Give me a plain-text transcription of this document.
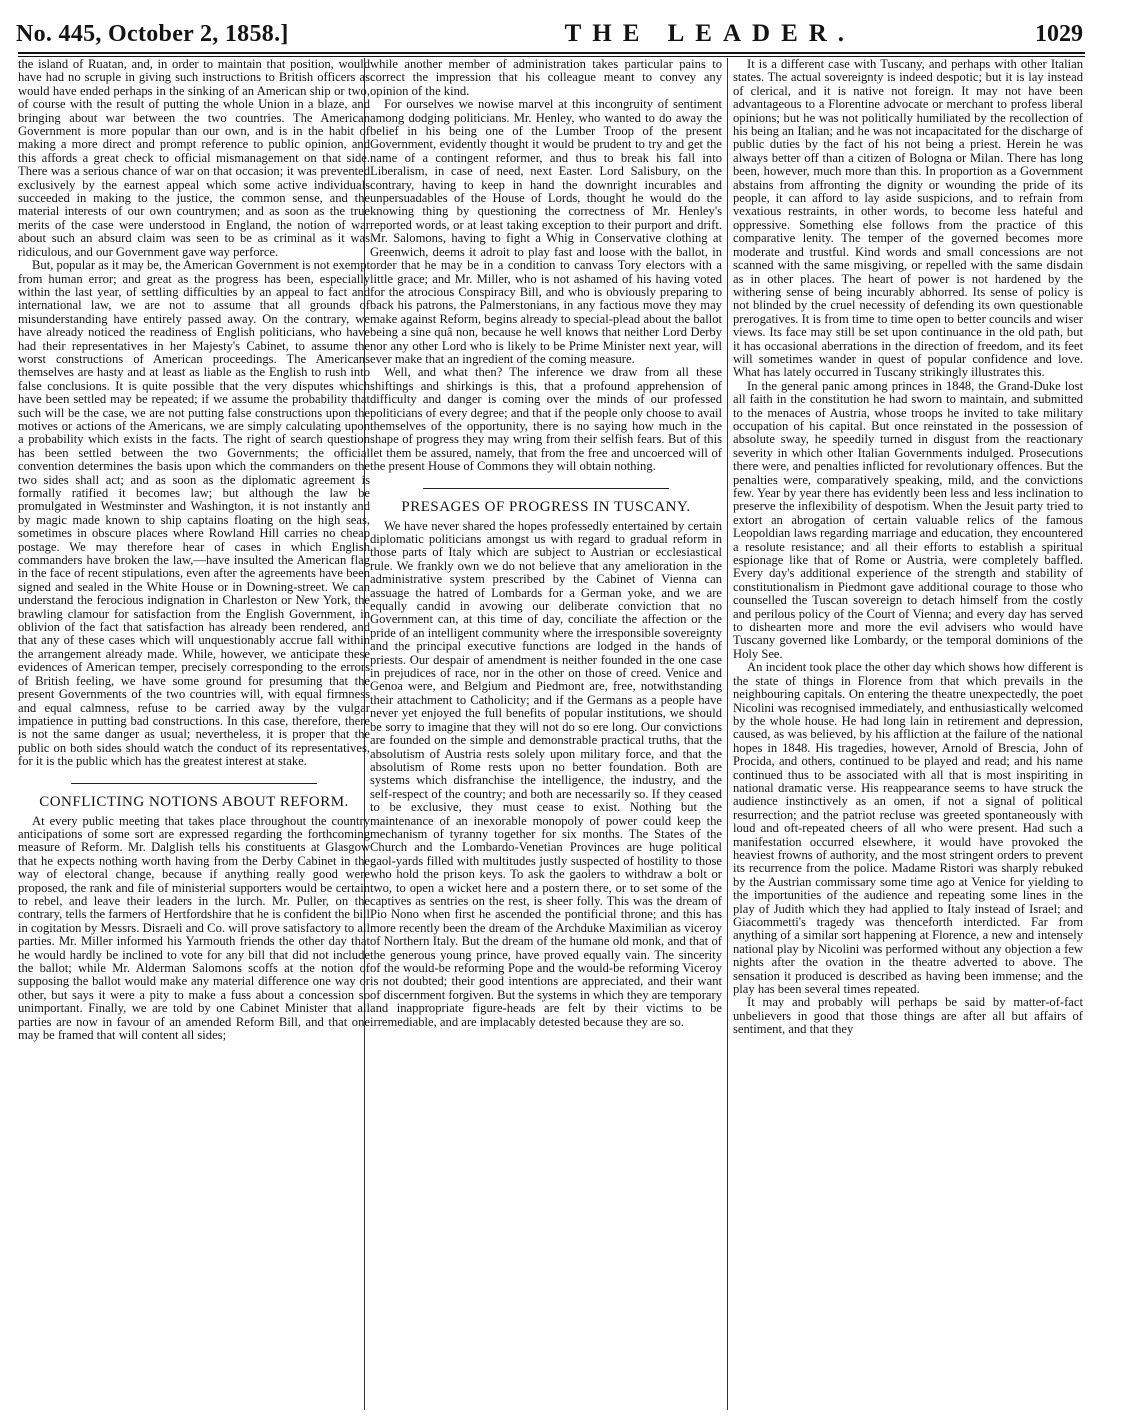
No. 445, October 2, 1858.]	THE LEADER.	1029

the island of Ruatan, and, in order to maintain that position, would have had no scruple in giving such instructions to British officers as would have ended perhaps in the sinking of an American ship or two, of course with the result of putting the whole Union in a blaze, and bringing about war between the two countries. The American Government is more popular than our own, and is in the habit of making a more direct and prompt reference to public opinion, and this affords a great check to official mismanagement on that side. There was a serious chance of war on that occasion; it was prevented exclusively by the earnest appeal which some active individuals succeeded in making to the justice, the common sense, and the material interests of our own countrymen; and as soon as the true merits of the case were understood in England, the notion of war about such an absurd claim was seen to be as criminal as it was ridiculous, and our Government gave way perforce.

But, popular as it may be, the American Government is not exempt from human error; and great as the progress has been, especially within the last year, of settling difficulties by an appeal to fact and international law, we are not to assume that all grounds of misunderstanding have entirely passed away. On the contrary, we have already noticed the readiness of English politicians, who have had their representatives in her Majesty's Cabinet, to assume the worst constructions of American proceedings. The Americans themselves are hasty and at least as liable as the English to rush into false conclusions. It is quite possible that the very disputes which have been settled may be repeated; if we assume the probability that such will be the case, we are not putting false constructions upon the motives or actions of the Americans, we are simply calculating upon a probability which exists in the facts. The right of search question has been settled between the two Governments; the official convention determines the basis upon which the commanders on the two sides shall act; and as soon as the diplomatic agreement is formally ratified it becomes law; but although the law be promulgated in Westminster and Washington, it is not instantly and by magic made known to ship captains floating on the high seas, sometimes in obscure places where Rowland Hill carries no cheap postage. We may therefore hear of cases in which English commanders have broken the law,—have insulted the American flag in the face of recent stipulations, even after the agreements have been signed and sealed in the White House or in Downing-street. We can understand the ferocious indignation in Charleston or New York, the brawling clamour for satisfaction from the English Government, in oblivion of the fact that satisfaction has already been rendered, and that any of these cases which will unquestionably accrue fall within the arrangement already made. While, however, we anticipate these evidences of American temper, precisely corresponding to the errors of British feeling, we have some ground for presuming that the present Governments of the two countries will, with equal firmness and equal calmness, refuse to be carried away by the vulgar impatience in putting bad constructions. In this case, therefore, there is not the same danger as usual; nevertheless, it is proper that the public on both sides should watch the conduct of its representatives, for it is the public which has the greatest interest at stake.

CONFLICTING NOTIONS ABOUT REFORM.

At every public meeting that takes place throughout the country anticipations of some sort are expressed regarding the forthcoming measure of Reform. Mr. Dalglish tells his constituents at Glasgow that he expects nothing worth having from the Derby Cabinet in the way of electoral change, because if anything really good were proposed, the rank and file of ministerial supporters would be certain to rebel, and leave their leaders in the lurch. Mr. Puller, on the contrary, tells the farmers of Hertfordshire that he is confident the bill in cogitation by Messrs. Disraeli and Co. will prove satisfactory to all parties. Mr. Miller informed his Yarmouth friends the other day that he would hardly be inclined to vote for any bill that did not include the ballot; while Mr. Alderman Salomons scoffs at the notion of supposing the ballot would make any material difference one way or other, but says it were a pity to make a fuss about a concession so unimportant. Finally, we are told by one Cabinet Minister that all parties are now in favour of an amended Reform Bill, and that one may be framed that will content all sides;

while another member of administration takes particular pains to correct the impression that his colleague meant to convey any opinion of the kind.

For ourselves we nowise marvel at this incongruity of sentiment among dodging politicians. Mr. Henley, who wanted to do away the belief in his being one of the Lumber Troop of the present Government, evidently thought it would be prudent to try and get the name of a contingent reformer, and thus to break his fall into Liberalism, in case of need, next Easter. Lord Salisbury, on the contrary, having to keep in hand the downright incurables and unpersuadables of the House of Lords, thought he would do the knowing thing by questioning the correctness of Mr. Henley's reported words, or at least taking exception to their purport and drift. Mr. Salomons, having to fight a Whig in Conservative clothing at Greenwich, deems it adroit to play fast and loose with the ballot, in order that he may be in a condition to canvass Tory electors with a little grace; and Mr. Miller, who is not ashamed of his having voted for the atrocious Conspiracy Bill, and who is obviously preparing to back his patrons, the Palmerstonians, in any factious move they may make against Reform, begins already to special-plead about the ballot being a sine quâ non, because he well knows that neither Lord Derby nor any other Lord who is likely to be Prime Minister next year, will ever make that an ingredient of the coming measure.

Well, and what then? The inference we draw from all these shiftings and shirkings is this, that a profound apprehension of difficulty and danger is coming over the minds of our professed politicians of every degree; and that if the people only choose to avail themselves of the opportunity, there is no saying how much in the shape of progress they may wring from their selfish fears. But of this let them be assured, namely, that from the free and uncoerced will of the present House of Commons they will obtain nothing.

PRESAGES OF PROGRESS IN TUSCANY.

We have never shared the hopes professedly entertained by certain diplomatic politicians amongst us with regard to gradual reform in those parts of Italy which are subject to Austrian or ecclesiastical rule. We frankly own we do not believe that any amelioration in the administrative system prescribed by the Cabinet of Vienna can assuage the hatred of Lombards for a German yoke, and we are equally candid in avowing our deliberate conviction that no Government can, at this time of day, conciliate the affection or the pride of an intelligent community where the irresponsible sovereignty and the principal executive functions are lodged in the hands of priests. Our despair of amendment is neither founded in the one case in prejudices of race, nor in the other on those of creed. Venice and Genoa were, and Belgium and Piedmont are, free, notwithstanding their attachment to Catholicity; and if the Germans as a people have never yet enjoyed the full benefits of popular institutions, we should be sorry to imagine that they will not do so ere long. Our convictions are founded on the simple and demonstrable practical truths, that the absolutism of Austria rests solely upon military force, and that the absolutism of Rome rests upon no better foundation. Both are systems which disfranchise the intelligence, the industry, and the self-respect of the country; and both are necessarily so. If they ceased to be exclusive, they must cease to exist. Nothing but the maintenance of an inexorable monopoly of power could keep the mechanism of tyranny together for six months. The States of the Church and the Lombardo-Venetian Provinces are huge political gaol-yards filled with multitudes justly suspected of hostility to those who hold the prison keys. To ask the gaolers to withdraw a bolt or two, to open a wicket here and a postern there, or to set some of the captives as sentries on the rest, is sheer folly. This was the dream of Pio Nono when first he ascended the pontificial throne; and this has more recently been the dream of the Archduke Maximilian as viceroy of Northern Italy. But the dream of the humane old monk, and that of the generous young prince, have proved equally vain. The sincerity of the would-be reforming Pope and the would-be reforming Viceroy is not doubted; their good intentions are appreciated, and their want of discernment forgiven. But the systems in which they are temporary and inappropriate figure-heads are felt by their victims to be irremediable, and are implacably detested because they are so.

It is a different case with Tuscany, and perhaps with other Italian states. The actual sovereignty is indeed despotic; but it is lay instead of clerical, and it is native not foreign. It may not have been advantageous to a Florentine advocate or merchant to profess liberal opinions; but he was not politically humiliated by the recollection of his being an Italian; and he was not incapacitated for the discharge of public duties by the fact of his not being a priest. Herein he was always better off than a citizen of Bologna or Milan. There has long been, however, much more than this. In proportion as a Government abstains from affronting the dignity or wounding the pride of its people, it can afford to lay aside suspicions, and to refrain from vexatious restraints, in other words, to become less hateful and oppressive. Something else follows from the practice of this comparative lenity. The temper of the governed becomes more moderate and trustful. Kind words and small concessions are not scanned with the same misgiving, or repelled with the same disdain as in other places. The heart of power is not hardened by the withering sense of being incurably abhorred. Its sense of policy is not blinded by the cruel necessity of defending its own questionable prerogatives. It is from time to time open to better councils and wiser views. Its face may still be set upon continuance in the old path, but it has occasional aberrations in the direction of freedom, and its feet will sometimes wander in quest of popular confidence and love. What has lately occurred in Tuscany strikingly illustrates this.

In the general panic among princes in 1848, the Grand-Duke lost all faith in the constitution he had sworn to maintain, and submitted to the menaces of Austria, whose troops he invited to take military occupation of his capital. But once reinstated in the possession of absolute sway, he speedily turned in disgust from the reactionary severity in which other Italian Governments indulged. Prosecutions there were, and penalties inflicted for revolutionary offences. But the penalties were, comparatively speaking, mild, and the convictions few. Year by year there has evidently been less and less inclination to preserve the inflexibility of despotism. When the Jesuit party tried to extort an abrogation of certain valuable relics of the famous Leopoldian laws regarding marriage and education, they encountered a resolute resistance; and all their efforts to establish a spiritual espionage like that of Rome or Austria, were completely baffled. Every day's additional experience of the strength and stability of constitutionalism in Piedmont gave additional courage to those who counselled the Tuscan sovereign to detach himself from the costly and perilous policy of the Court of Vienna; and every day has served to dishearten more and more the evil advisers who would have Tuscany governed like Lombardy, or the temporal dominions of the Holy See.

An incident took place the other day which shows how different is the state of things in Florence from that which prevails in the neighbouring capitals. On entering the theatre unexpectedly, the poet Nicolini was recognised immediately, and enthusiastically welcomed by the whole house. He had long lain in retirement and depression, caused, as was believed, by his affliction at the failure of the national hopes in 1848. His tragedies, however, Arnold of Brescia, John of Procida, and others, continued to be played and read; and his name continued thus to be associated with all that is most inspiriting in national dramatic verse. His reappearance seems to have struck the audience instinctively as an omen, if not a signal of political resurrection; and the patriot recluse was greeted spontaneously with loud and oft-repeated cheers of all who were present. Had such a manifestation occurred elsewhere, it would have provoked the heaviest frowns of authority, and the most stringent orders to prevent its recurrence from the police. Madame Ristori was sharply rebuked by the Austrian commissary some time ago at Venice for yielding to the importunities of the audience and repeating some lines in the play of Judith which they had applied to Italy instead of Israel; and Giacommetti's tragedy was thenceforth interdicted. Far from anything of a similar sort happening at Florence, a new and intensely national play by Nicolini was performed without any objection a few nights after the ovation in the theatre adverted to above. The sensation it produced is described as having been immense; and the play has been several times repeated.

It may and probably will perhaps be said by matter-of-fact unbelievers in good that those things are after all but affairs of sentiment, and that they
